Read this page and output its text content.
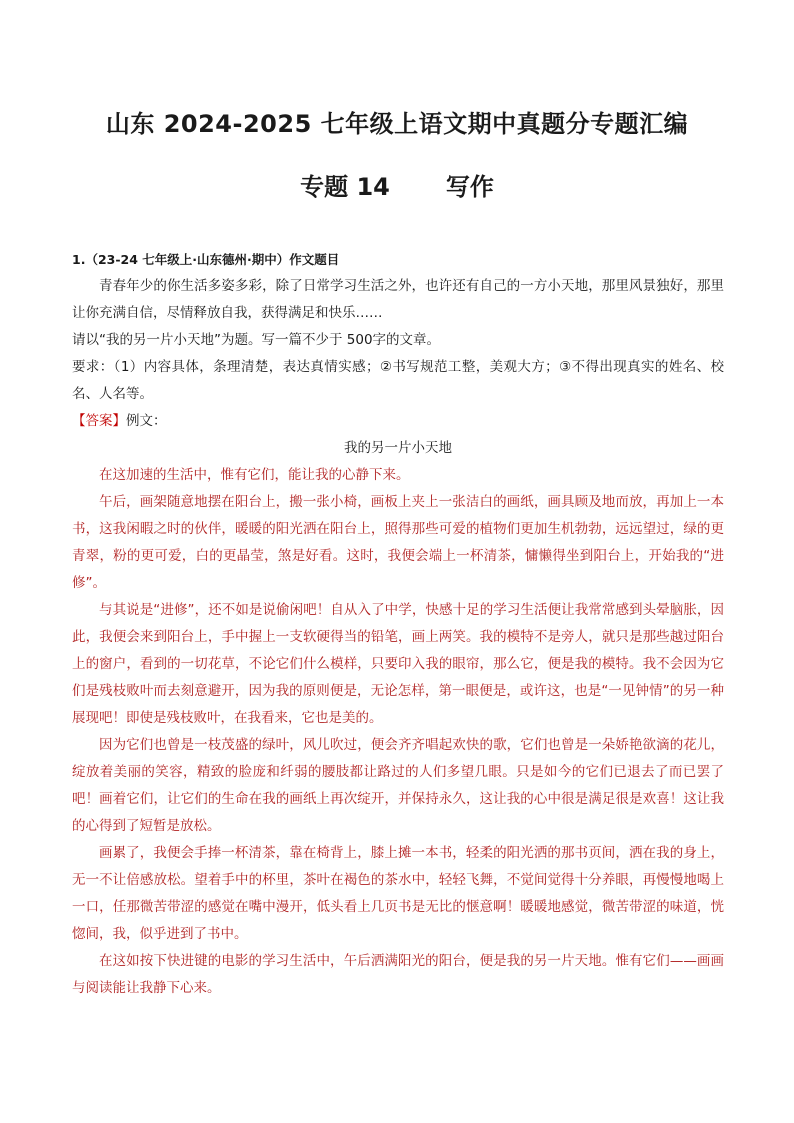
山东 2024-2025 七年级上语文期中真题分专题汇编
专题 14 写作

1.（23-24 七年级上·山东德州·期中）作文题目

青春年少的你生活多姿多彩，除了日常学习生活之外，也许还有自己的一方小天地，那里风景独好，那里让你充满自信，尽情释放自我，获得满足和快乐……

请以“我的另一片小天地”为题。写一篇不少于 500字的文章。

要求：（1）内容具体，条理清楚，表达真情实感；②书写规范工整，美观大方；③不得出现真实的姓名、校名、人名等。

【答案】例文：

我的另一片小天地

在这加速的生活中，惟有它们，能让我的心静下来。

午后，画架随意地摆在阳台上，搬一张小椅，画板上夹上一张洁白的画纸，画具顾及地而放，再加上一本书，这我闲暇之时的伙伴，暖暖的阳光洒在阳台上，照得那些可爱的植物们更加生机勃勃，远远望过，绿的更青翠，粉的更可爱，白的更晶莹，煞是好看。这时，我便会端上一杯清茶，慵懒得坐到阳台上，开始我的“进修”。

与其说是“进修”，还不如是说偷闲吧！自从入了中学，快感十足的学习生活便让我常常感到头晕脑胀，因此，我便会来到阳台上，手中握上一支软硬得当的铅笔，画上两笑。我的模特不是旁人，就只是那些越过阳台上的窗户，看到的一切花草，不论它们什么模样，只要印入我的眼帘，那么它，便是我的模特。我不会因为它们是残枝败叶而去刻意避开，因为我的原则便是，无论怎样，第一眼便是，或许这，也是“一见钟情”的另一种展现吧！即使是残枝败叶，在我看来，它也是美的。

因为它们也曾是一枝茂盛的绿叶，风儿吹过，便会齐齐唱起欢快的歌，它们也曾是一朵娇艳欲滴的花儿，绽放着美丽的笑容，精致的脸庞和纤弱的腰肢都让路过的人们多望几眼。只是如今的它们已退去了而已罢了吧！画着它们，让它们的生命在我的画纸上再次绽开，并保持永久，这让我的心中很是满足很是欢喜！这让我的心得到了短暂是放松。

画累了，我便会手捧一杯清茶，靠在椅背上，膝上摊一本书，轻柔的阳光洒的那书页间，洒在我的身上，无一不让倍感放松。望着手中的杯里，茶叶在褐色的茶水中，轻轻飞舞，不觉间觉得十分养眼，再慢慢地喝上一口，任那微苦带涩的感觉在嘴中漫开，低头看上几页书是无比的惬意啊！暖暖地感觉，微苦带涩的味道，恍惚间，我，似乎进到了书中。

在这如按下快进键的电影的学习生活中，午后洒满阳光的阳台，便是我的另一片天地。惟有它们——画画与阅读能让我静下心来。
